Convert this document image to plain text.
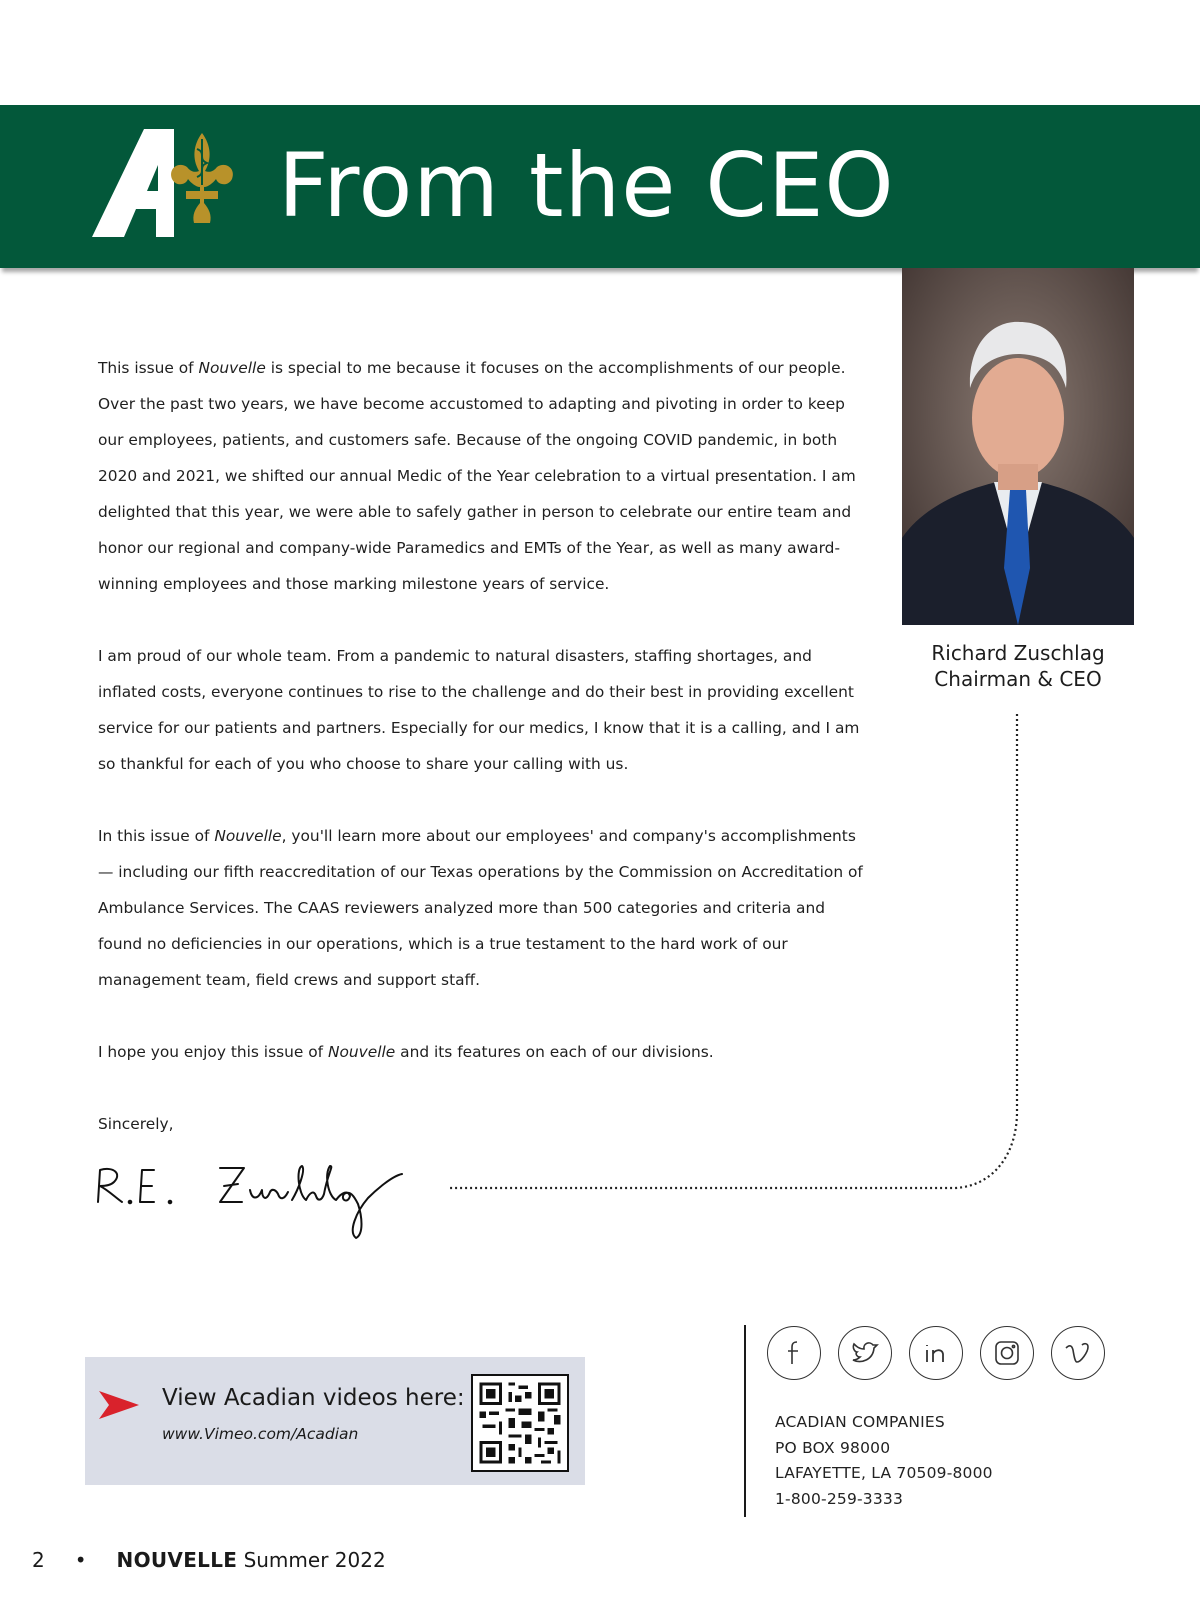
From the CEO
Richard Zuschlag
Chairman & CEO

This issue of Nouvelle is special to me because it focuses on the accomplishments of our people. Over the past two years, we have become accustomed to adapting and pivoting in order to keep our employees, patients, and customers safe. Because of the ongoing COVID pandemic, in both 2020 and 2021, we shifted our annual Medic of the Year celebration to a virtual presentation. I am delighted that this year, we were able to safely gather in person to celebrate our entire team and honor our regional and company-wide Paramedics and EMTs of the Year, as well as many award-winning employees and those marking milestone years of service.

I am proud of our whole team. From a pandemic to natural disasters, staffing shortages, and inflated costs, everyone continues to rise to the challenge and do their best in providing excellent service for our patients and partners. Especially for our medics, I know that it is a calling, and I am so thankful for each of you who choose to share your calling with us.

In this issue of Nouvelle, you'll learn more about our employees' and company's accomplishments — including our fifth reaccreditation of our Texas operations by the Commission on Accreditation of Ambulance Services. The CAAS reviewers analyzed more than 500 categories and criteria and found no deficiencies in our operations, which is a true testament to the hard work of our management team, field crews and support staff.

I hope you enjoy this issue of Nouvelle and its features on each of our divisions.

Sincerely,

View Acadian videos here:
www.Vimeo.com/Acadian
ACADIAN COMPANIES
PO BOX 98000
LAFAYETTE, LA 70509-8000
1-800-259-3333
2 • NOUVELLE Summer 2022
